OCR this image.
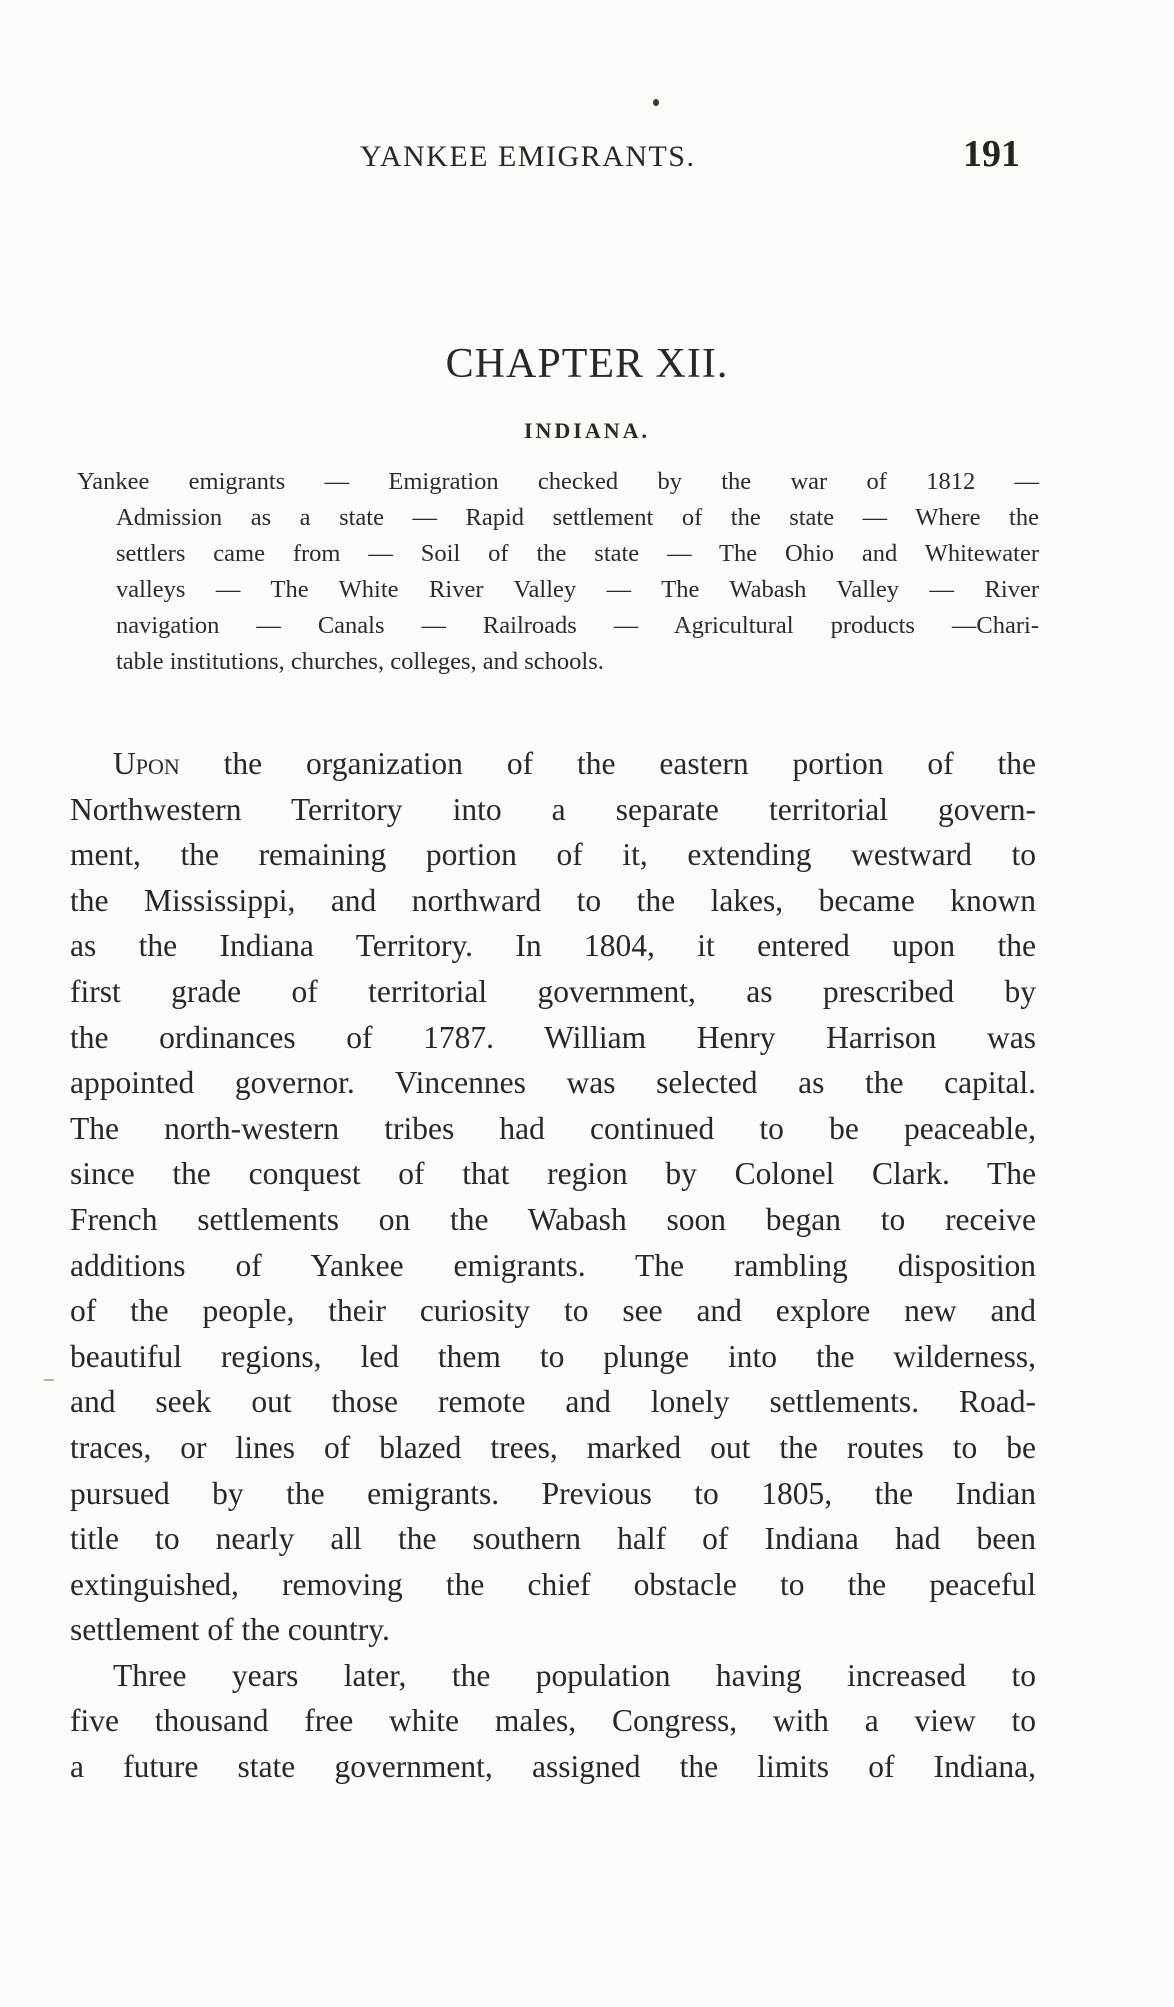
YANKEE EMIGRANTS.	191
CHAPTER XII.
INDIANA.
Yankee emigrants — Emigration checked by the war of 1812 —
Admission as a state — Rapid settlement of the state — Where the
settlers came from — Soil of the state — The Ohio and Whitewater
valleys — The White River Valley — The Wabash Valley — River
navigation — Canals — Railroads — Agricultural products —Chari-
table institutions, churches, colleges, and schools.
Upon the organization of the eastern portion of the
Northwestern Territory into a separate territorial govern-
ment, the remaining portion of it, extending westward to
the Mississippi, and northward to the lakes, became known
as the Indiana Territory. In 1804, it entered upon the
first grade of territorial government, as prescribed by
the ordinances of 1787. William Henry Harrison was
appointed governor. Vincennes was selected as the capital.
The north-western tribes had continued to be peaceable,
since the conquest of that region by Colonel Clark. The
French settlements on the Wabash soon began to receive
additions of Yankee emigrants. The rambling disposition
of the people, their curiosity to see and explore new and
beautiful regions, led them to plunge into the wilderness,
and seek out those remote and lonely settlements. Road-
traces, or lines of blazed trees, marked out the routes to be
pursued by the emigrants. Previous to 1805, the Indian
title to nearly all the southern half of Indiana had been
extinguished, removing the chief obstacle to the peaceful
settlement of the country.
Three years later, the population having increased to
five thousand free white males, Congress, with a view to
a future state government, assigned the limits of Indiana,
